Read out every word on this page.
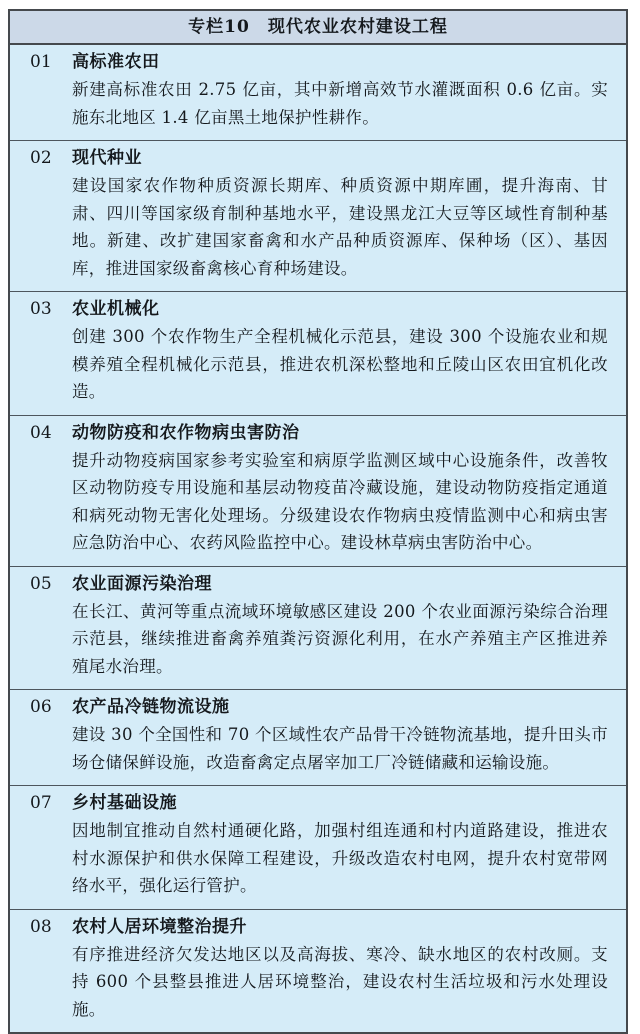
专栏10　现代农业农村建设工程
01	高标准农田
新建高标准农田 2.75 亿亩，其中新增高效节水灌溉面积 0.6 亿亩。实施东北地区 1.4 亿亩黑土地保护性耕作。
02	现代种业
建设国家农作物种质资源长期库、种质资源中期库圃，提升海南、甘肃、四川等国家级育制种基地水平，建设黑龙江大豆等区域性育制种基地。新建、改扩建国家畜禽和水产品种质资源库、保种场（区）、基因库，推进国家级畜禽核心育种场建设。
03	农业机械化
创建 300 个农作物生产全程机械化示范县，建设 300 个设施农业和规模养殖全程机械化示范县，推进农机深松整地和丘陵山区农田宜机化改造。
04	动物防疫和农作物病虫害防治
提升动物疫病国家参考实验室和病原学监测区域中心设施条件，改善牧区动物防疫专用设施和基层动物疫苗冷藏设施，建设动物防疫指定通道和病死动物无害化处理场。分级建设农作物病虫疫情监测中心和病虫害应急防治中心、农药风险监控中心。建设林草病虫害防治中心。
05	农业面源污染治理
在长江、黄河等重点流域环境敏感区建设 200 个农业面源污染综合治理示范县，继续推进畜禽养殖粪污资源化利用，在水产养殖主产区推进养殖尾水治理。
06	农产品冷链物流设施
建设 30 个全国性和 70 个区域性农产品骨干冷链物流基地，提升田头市场仓储保鲜设施，改造畜禽定点屠宰加工厂冷链储藏和运输设施。
07	乡村基础设施
因地制宜推动自然村通硬化路，加强村组连通和村内道路建设，推进农村水源保护和供水保障工程建设，升级改造农村电网，提升农村宽带网络水平，强化运行管护。
08	农村人居环境整治提升
有序推进经济欠发达地区以及高海拔、寒冷、缺水地区的农村改厕。支持 600 个县整县推进人居环境整治，建设农村生活垃圾和污水处理设施。
